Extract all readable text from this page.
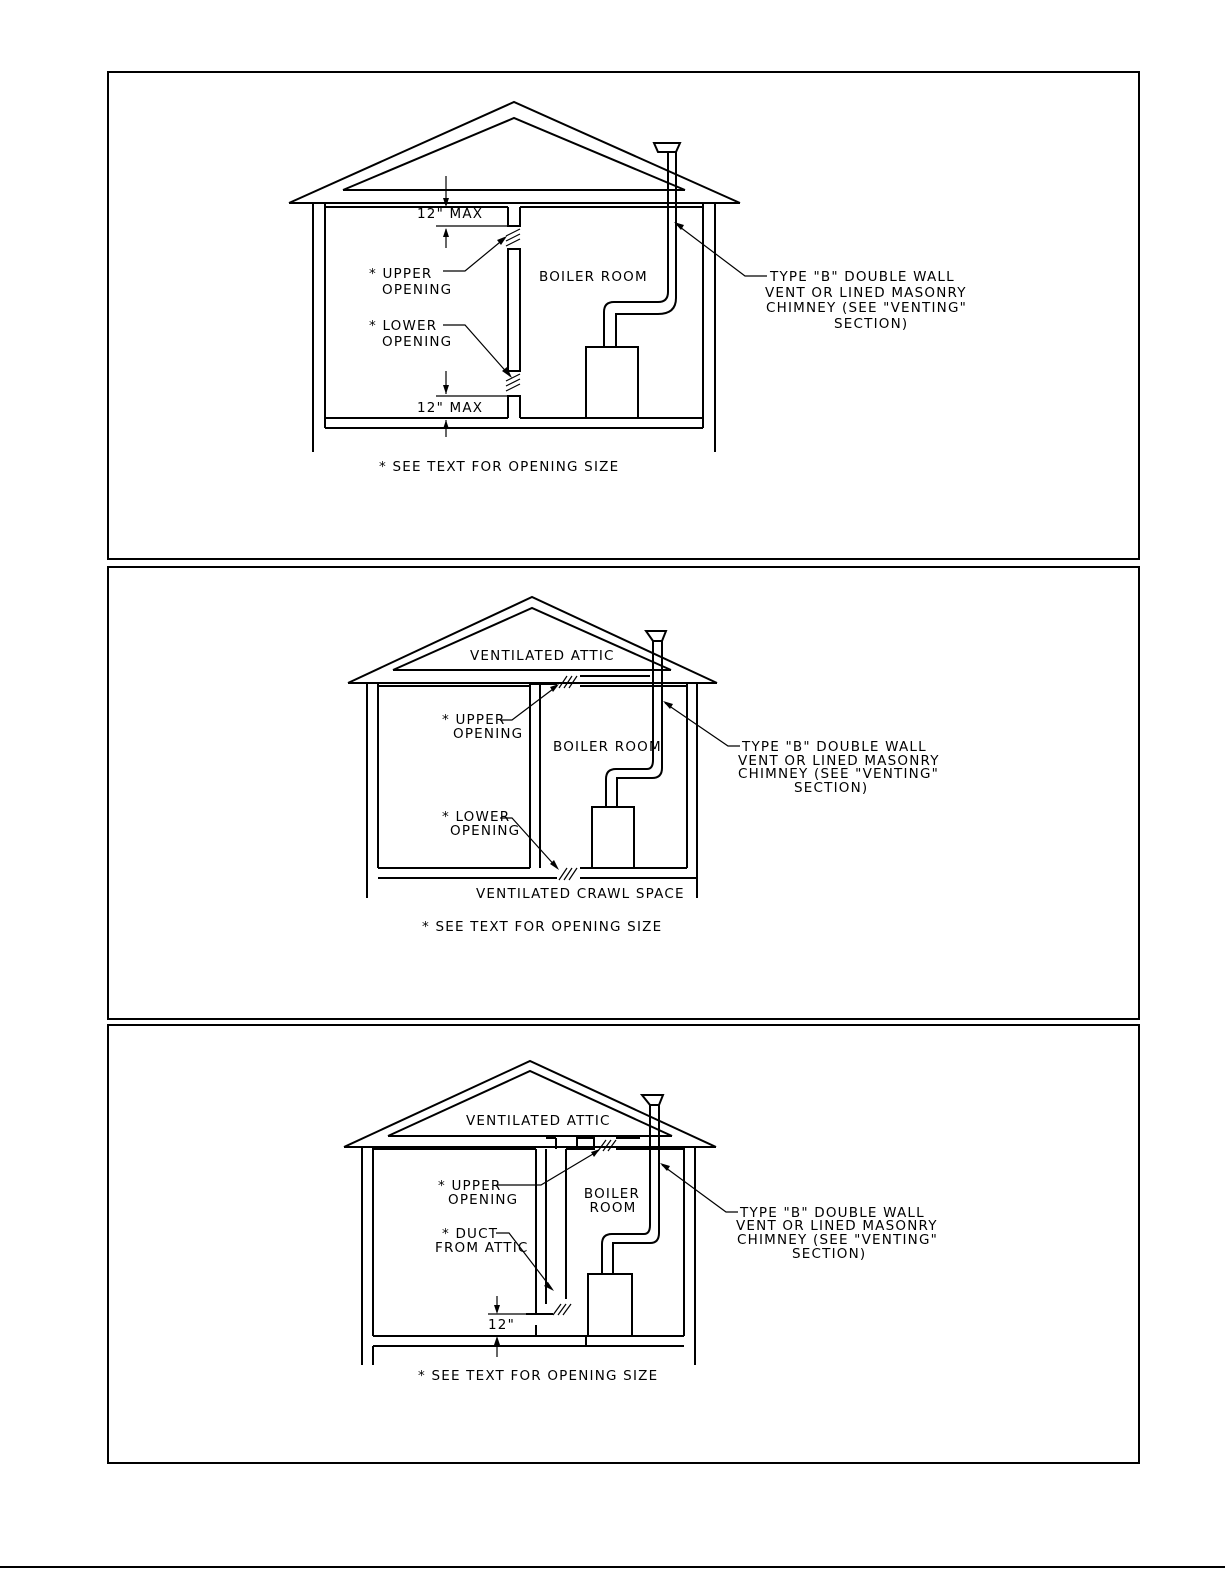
12" MAX
12" MAX
* UPPER
OPENING
* LOWER
OPENING
BOILER ROOM	TYPE "B" DOUBLE WALL
VENT OR LINED MASONRY
CHIMNEY (SEE "VENTING"
SECTION)
* SEE TEXT FOR OPENING SIZE
VENTILATED ATTIC
* UPPER
OPENING
BOILER ROOM
* LOWER
OPENING
VENTILATED CRAWL SPACE
TYPE "B" DOUBLE WALL
VENT OR LINED MASONRY
CHIMNEY (SEE "VENTING"
SECTION)
* SEE TEXT FOR OPENING SIZE
VENTILATED ATTIC
* UPPER
OPENING	BOILER
ROOM
* DUCT
FROM ATTIC
12"
TYPE "B" DOUBLE WALL
VENT OR LINED MASONRY
CHIMNEY (SEE "VENTING"
SECTION)
* SEE TEXT FOR OPENING SIZE
